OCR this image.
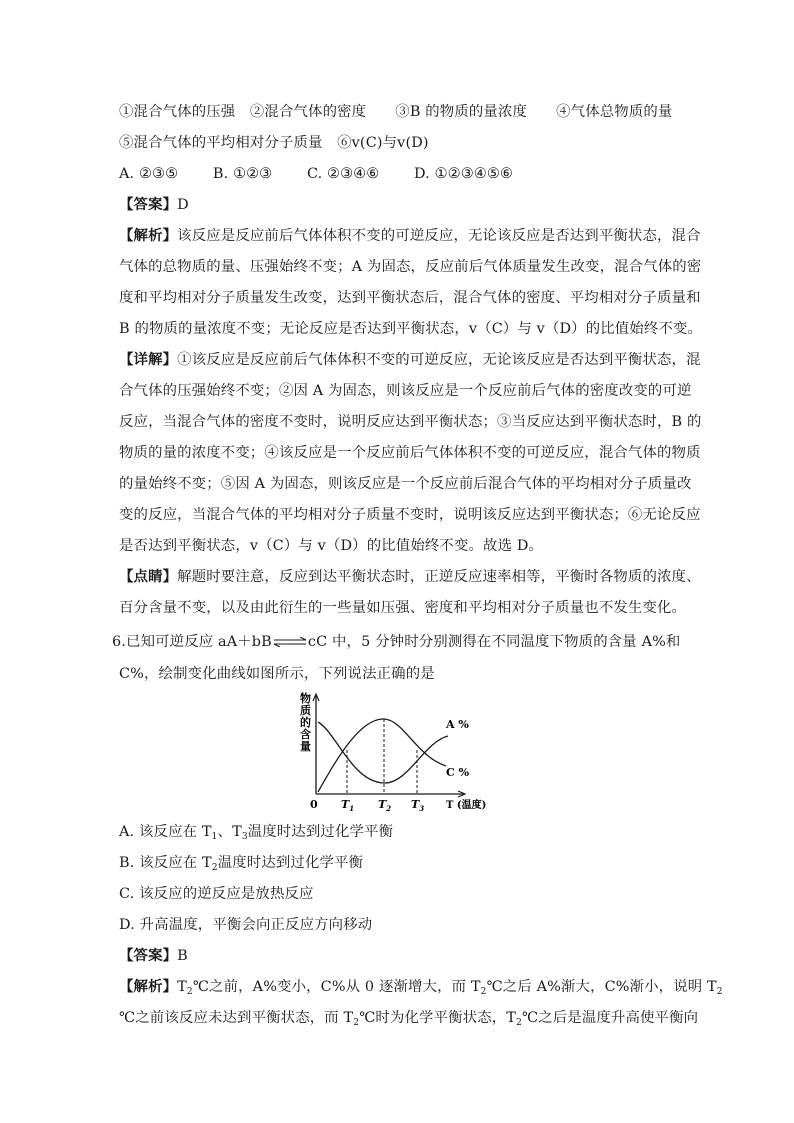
①混合气体的压强　②混合气体的密度　　③B 的物质的量浓度　　④气体总物质的量
⑤混合气体的平均相对分子质量　⑥v(C)与v(D)
A. ②③⑤ B. ①②③ C. ②③④⑥ D. ①②③④⑤⑥
【答案】D
【解析】该反应是反应前后气体体积不变的可逆反应，无论该反应是否达到平衡状态，混合
气体的总物质的量、压强始终不变；A 为固态，反应前后气体质量发生改变，混合气体的密
度和平均相对分子质量发生改变，达到平衡状态后，混合气体的密度、平均相对分子质量和
B 的物质的量浓度不变；无论反应是否达到平衡状态，v（C）与 v（D）的比值始终不变。
【详解】①该反应是反应前后气体体积不变的可逆反应，无论该反应是否达到平衡状态，混
合气体的压强始终不变；②因 A 为固态，则该反应是一个反应前后气体的密度改变的可逆
反应，当混合气体的密度不变时，说明反应达到平衡状态；③当反应达到平衡状态时，B 的
物质的量的浓度不变；④该反应是一个反应前后气体体积不变的可逆反应，混合气体的物质
的量始终不变；⑤因 A 为固态，则该反应是一个反应前后混合气体的平均相对分子质量改
变的反应，当混合气体的平均相对分子质量不变时，说明该反应达到平衡状态；⑥无论反应
是否达到平衡状态，v（C）与 v（D）的比值始终不变。故选 D。
【点睛】解题时要注意，反应到达平衡状态时，正逆反应速率相等，平衡时各物质的浓度、
百分含量不变，以及由此衍生的一些量如压强、密度和平均相对分子质量也不发生变化。
6.已知可逆反应 aA＋bB⇌cC 中，5 分钟时分别测得在不同温度下物质的含量 A%和
C%，绘制变化曲线如图所示，下列说法正确的是
物
质
的
含
量
A %
C %
0 $T_1$ $T_2$ $T_3$ T (温度)
A. 该反应在 $T_1$、$T_3$温度时达到过化学平衡
B. 该反应在 $T_2$温度时达到过化学平衡
C. 该反应的逆反应是放热反应
D. 升高温度，平衡会向正反应方向移动
【答案】B
【解析】$T_2℃$之前，A%变小，C%从 0 逐渐增大，而 $T_2℃$之后 A%渐大，C%渐小，说明 $T_2$
℃之前该反应未达到平衡状态，而 $T_2℃$时为化学平衡状态，$T_2℃$之后是温度升高使平衡向
